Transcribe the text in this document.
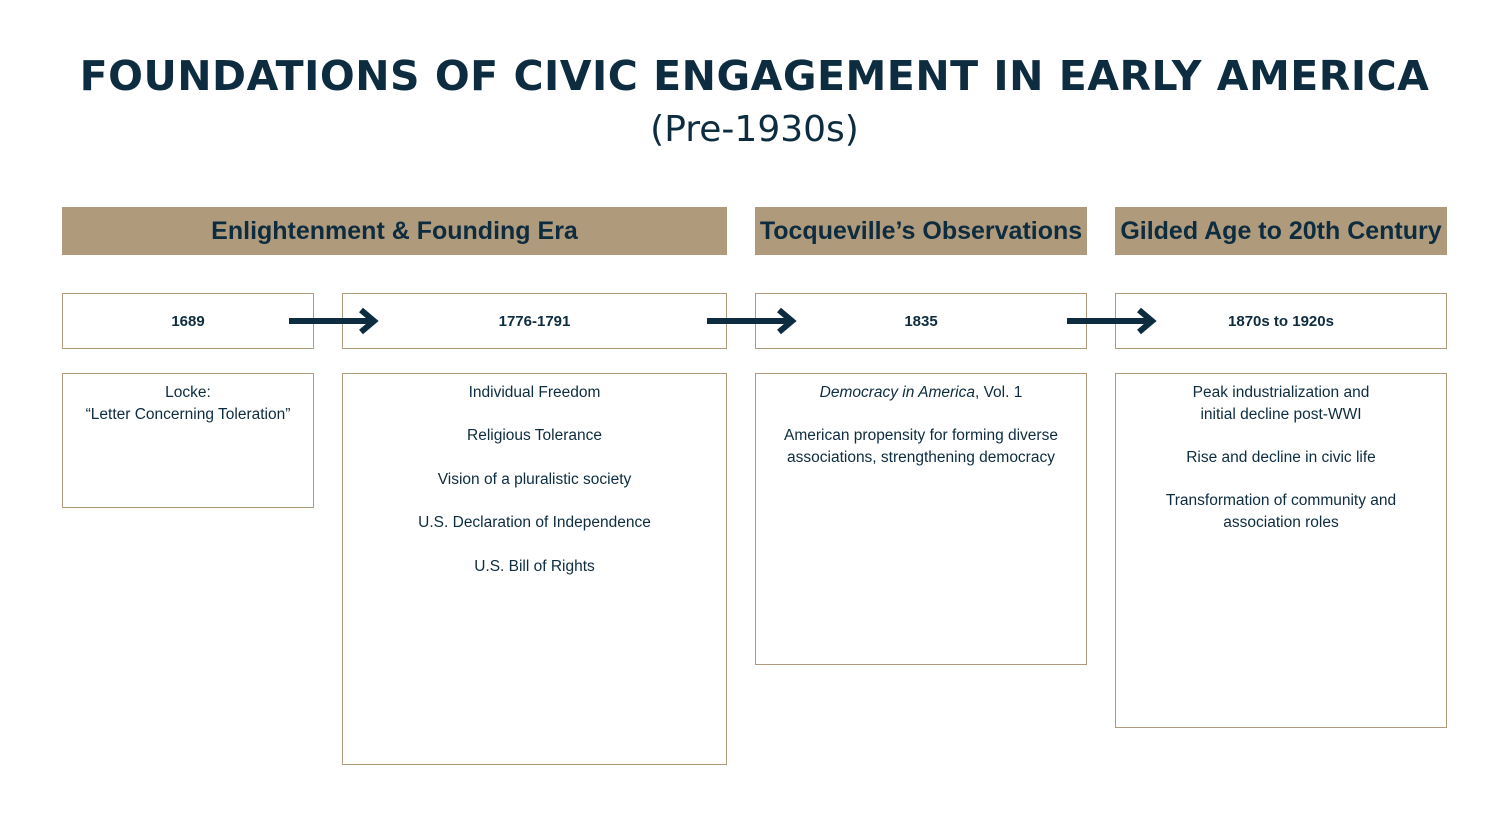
FOUNDATIONS OF CIVIC ENGAGEMENT IN EARLY AMERICA
(Pre-1930s)
Enlightenment & Founding Era	Tocqueville’s Observations Gilded Age to 20th Century
1689	1776-1791	1835	1870s to 1920s
Locke:
“Letter Concerning Toleration”
Individual Freedom
Religious Tolerance
Vision of a pluralistic society
U.S. Declaration of Independence
U.S. Bill of Rights
Democracy in America, Vol. 1
American propensity for forming diverse
associations, strengthening democracy
Peak industrialization and
initial decline post-WWI
Rise and decline in civic life
Transformation of community and
association roles
